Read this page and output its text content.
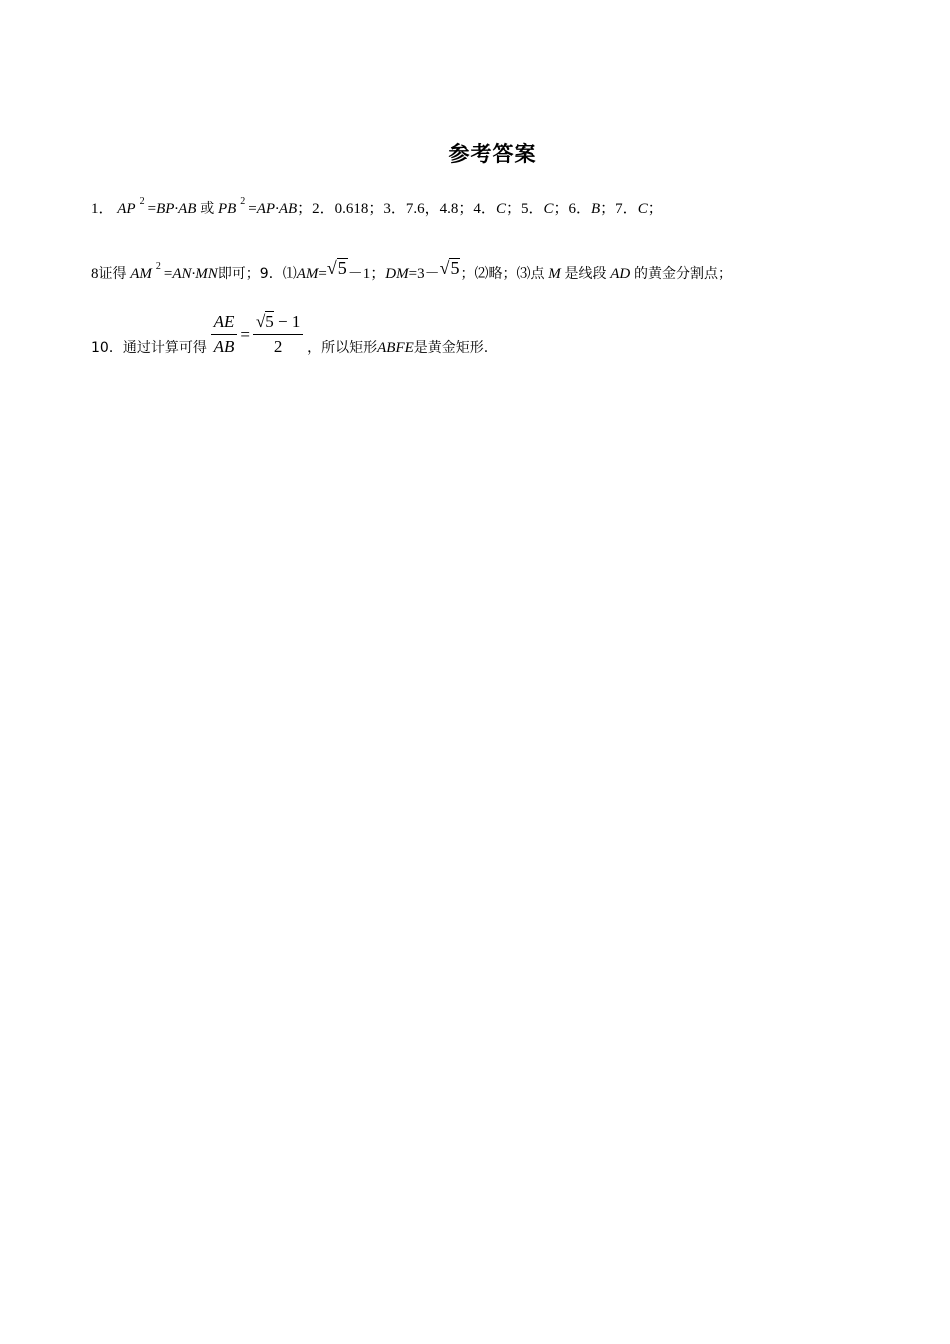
参考答案
1． AP $^2$ =BP·AB 或 PB $^2$ =AP·AB；2．0.618；3．7.6，4.8；4．C；5．C；6．B；7．C；
8证得 AM $^2$ =AN·MN即可；9．⑴AM=√5－1；DM=3－√5；⑵略；⑶点 M 是线段 AD 的黄金分割点；
10．通过计算可得 $\frac{AE}{AB} = \frac{√5 - 1}{2}$ ，所以矩形ABFE是黄金矩形.
